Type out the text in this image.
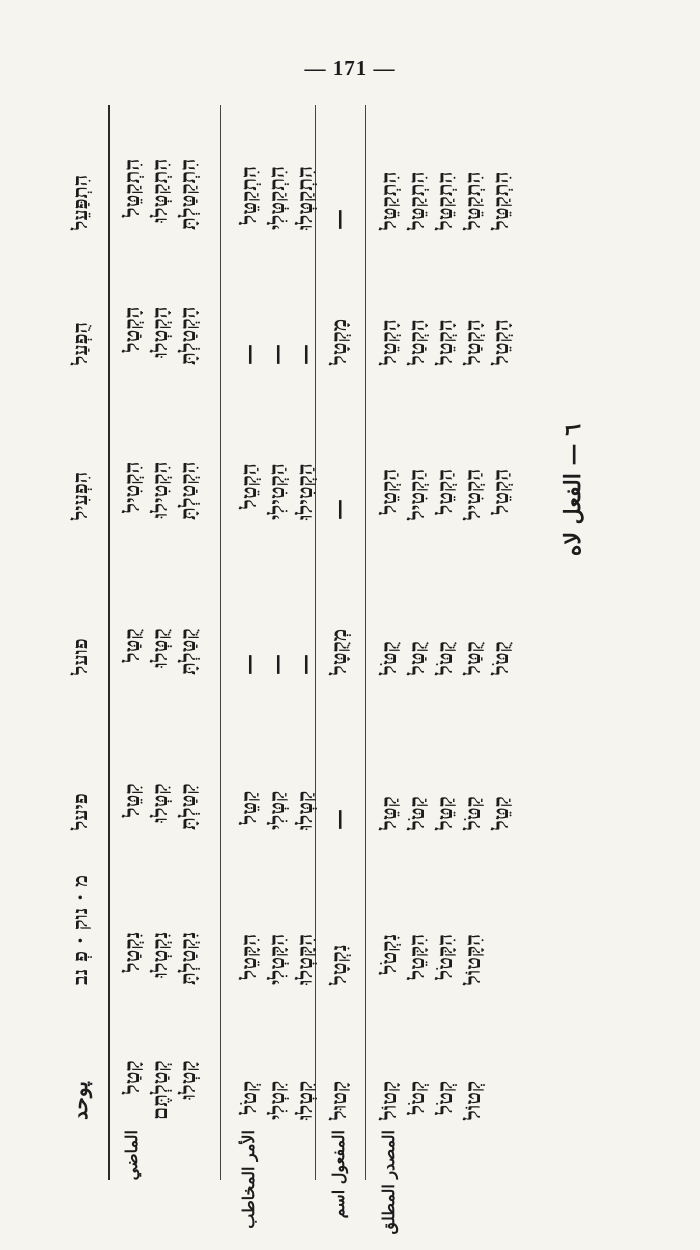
— 171 —
پوحد
מ · נוק · פְ נב
פיעל
פועל
הִפְעִיל
הֻפְעַל
הִתְפַּעֵל
الماضي
קָטַל קְטַלְתֶּם קָטְלוּ
נִקְטַל נִקְטְלוּ נִקְטַלְתָּ
קִטֵּל קִטְּלוּ קִטַּלְתָּ
קֻטַּל קֻטְּלוּ קֻטַּלְתָּ
הִקְטִיל הִקְטִילוּ הִקְטַלְתָּ
הָקְטַל הָקְטְלוּ הָקְטַלְתָּ
הִתְקַטֵּל הִתְקַטְּלוּ הִתְקַטַּלְתָּ
الأمر المخاطب
קְטֹל קִטְלִי קִטְלוּ
הִקָּטֵל הִקָּטְלִי הִקָּטְלוּ
קַטֵּל קַטְּלִי קַטְּלוּ
— — —
הַקְטֵל הַקְטִילִי הַקְטִילוּ
— — —
הִתְקַטֵּל הִתְקַטְּלִי הִתְקַטְּלוּ
المفعول اسم
קָטוּל
נִקְטָל
—
מְקֻטָּל
—
מָקְטָל
—
المصدر المطلق
קָטוֹל קְטֹל קְטֹל קְטוֹל
נִקְטֹל הִקָּטֵל הִקָּטֹל הִקָּטוֹל
קַטֵּל קַטֹּל קַטֵּל קַטֹּל קַטֵּל
קֻטֹּל קֻטַּל קֻטֹּל קֻטַּל קֻטֹּל
הַקְטֵל הַקְטִיל הַקְטֵל הַקְטִיל הַקְטֵל
הָקְטֵל הָקְטַל הָקְטֵל הָקְטַל הָקְטֵל
הִתְקַטֵּל הִתְקַטֵּל הִתְקַטֵּל הִתְקַטֵּל הִתְקַטֵּל
٦ — الفعل لاه
